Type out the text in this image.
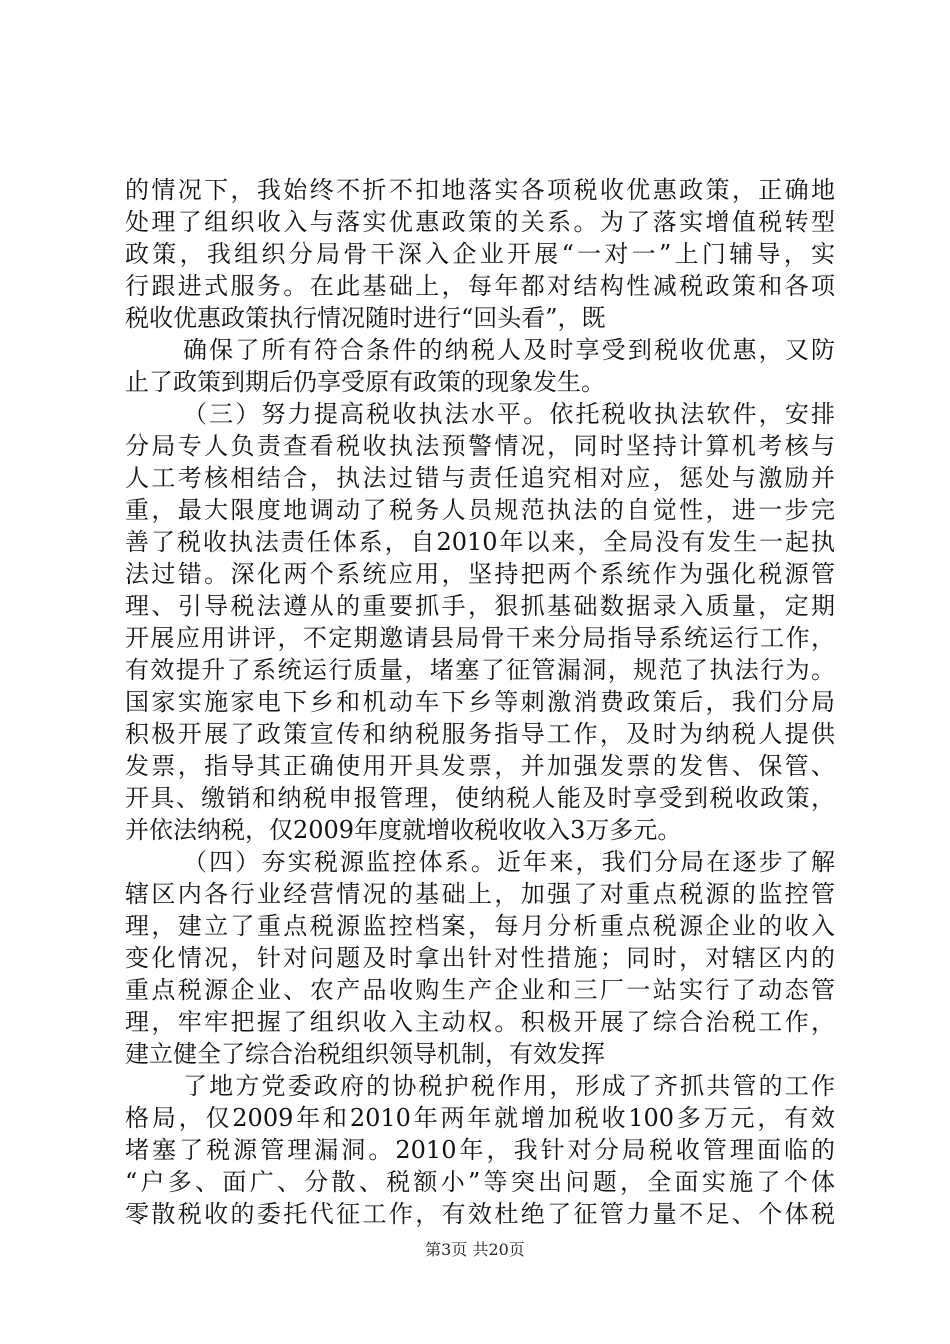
的情况下，我始终不折不扣地落实各项税收优惠政策，正确地
处理了组织收入与落实优惠政策的关系。为了落实增值税转型
政策，我组织分局骨干深入企业开展“一对一”上门辅导，实
行跟进式服务。在此基础上，每年都对结构性减税政策和各项
税收优惠政策执行情况随时进行“回头看”，既
确保了所有符合条件的纳税人及时享受到税收优惠，又防
止了政策到期后仍享受原有政策的现象发生。
（三）努力提高税收执法水平。依托税收执法软件，安排
分局专人负责查看税收执法预警情况，同时坚持计算机考核与
人工考核相结合，执法过错与责任追究相对应，惩处与激励并
重，最大限度地调动了税务人员规范执法的自觉性，进一步完
善了税收执法责任体系，自2010年以来，全局没有发生一起执
法过错。深化两个系统应用，坚持把两个系统作为强化税源管
理、引导税法遵从的重要抓手，狠抓基础数据录入质量，定期
开展应用讲评，不定期邀请县局骨干来分局指导系统运行工作，
有效提升了系统运行质量，堵塞了征管漏洞，规范了执法行为。
国家实施家电下乡和机动车下乡等刺激消费政策后，我们分局
积极开展了政策宣传和纳税服务指导工作，及时为纳税人提供
发票，指导其正确使用开具发票，并加强发票的发售、保管、
开具、缴销和纳税申报管理，使纳税人能及时享受到税收政策，
并依法纳税，仅2009年度就增收税收收入3万多元。
（四）夯实税源监控体系。近年来，我们分局在逐步了解
辖区内各行业经营情况的基础上，加强了对重点税源的监控管
理，建立了重点税源监控档案，每月分析重点税源企业的收入
变化情况，针对问题及时拿出针对性措施；同时，对辖区内的
重点税源企业、农产品收购生产企业和三厂一站实行了动态管
理，牢牢把握了组织收入主动权。积极开展了综合治税工作，
建立健全了综合治税组织领导机制，有效发挥
了地方党委政府的协税护税作用，形成了齐抓共管的工作
格局，仅2009年和2010年两年就增加税收100多万元，有效
堵塞了税源管理漏洞。2010年，我针对分局税收管理面临的
“户多、面广、分散、税额小”等突出问题，全面实施了个体
零散税收的委托代征工作，有效杜绝了征管力量不足、个体税
第3页 共20页
